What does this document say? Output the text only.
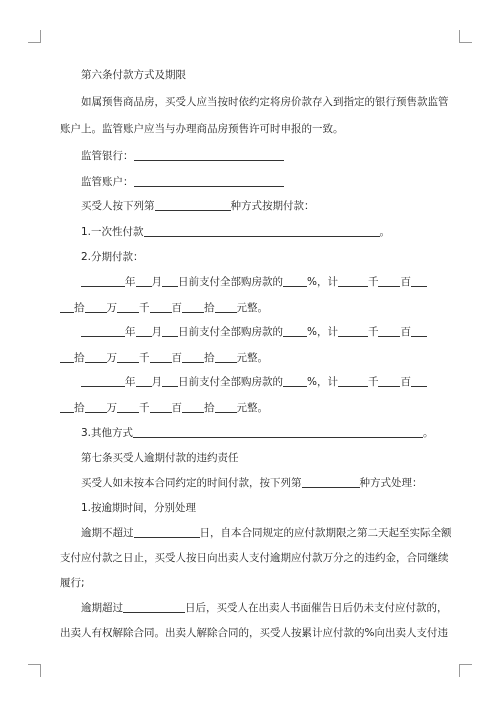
第六条付款方式及期限
如属预售商品房，买受人应当按时依约定将房价款存入到指定的银行预售款监管
账户上。监管账户应当与办理商品房预售许可时申报的一致。
监管银行：
监管账户：
买受人按下列第	种方式按期付款：
1.一次性付款	。
2.分期付款：
年 月 日前支付全部购房款的 %，计	千 百
拾 万 千 百 拾 元整。
年 月 日前支付全部购房款的 %，计	千 百
拾 万 千 百 拾 元整。
年 月 日前支付全部购房款的 %，计	千 百
拾 万 千 百 拾 元整。
3.其他方式	。
第七条买受人逾期付款的违约责任
买受人如未按本合同约定的时间付款，按下列第	种方式处理：
1.按逾期时间，分别处理
逾期不超过	日，自本合同规定的应付款期限之第二天起至实际全额
支付应付款之日止，买受人按日向出卖人支付逾期应付款万分之的违约金，合同继续
履行;
逾期超过	日后，买受人在出卖人书面催告日后仍未支付应付款的，
出卖人有权解除合同。出卖人解除合同的，买受人按累计应付款的%向出卖人支付违
